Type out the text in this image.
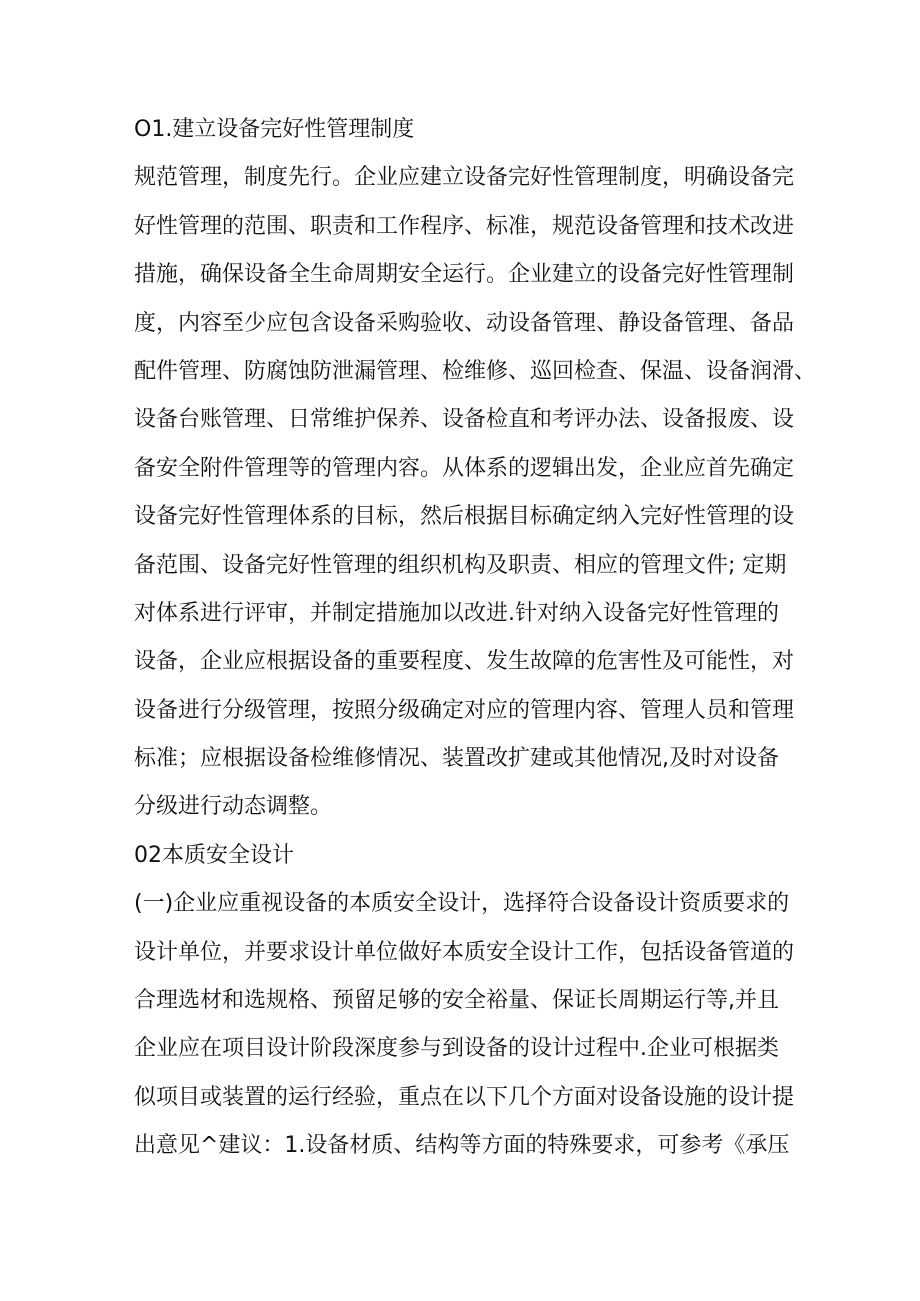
O1.建立设备完好性管理制度
规范管理，制度先行。企业应建立设备完好性管理制度，明确设备完
好性管理的范围、职责和工作程序、标准，规范设备管理和技术改进
措施，确保设备全生命周期安全运行。企业建立的设备完好性管理制
度，内容至少应包含设备采购验收、动设备管理、静设备管理、备品
配件管理、防腐蚀防泄漏管理、检维修、巡回检查、保温、设备润滑、
设备台账管理、日常维护保养、设备检直和考评办法、设备报废、设
备安全附件管理等的管理内容。从体系的逻辑出发，企业应首先确定
设备完好性管理体系的目标，然后根据目标确定纳入完好性管理的设
备范围、设备完好性管理的组织机构及职责、相应的管理文件; 定期
对体系进行评审，并制定措施加以改进.针对纳入设备完好性管理的
设备，企业应根据设备的重要程度、发生故障的危害性及可能性，对
设备进行分级管理，按照分级确定对应的管理内容、管理人员和管理
标准；应根据设备检维修情况、装置改扩建或其他情况,及时对设备
分级进行动态调整。
02本质安全设计
(一)企业应重视设备的本质安全设计，选择符合设备设计资质要求的
设计单位，并要求设计单位做好本质安全设计工作，包括设备管道的
合理选材和选规格、预留足够的安全裕量、保证长周期运行等,并且
企业应在项目设计阶段深度参与到设备的设计过程中.企业可根据类
似项目或装置的运行经验，重点在以下几个方面对设备设施的设计提
出意见^建议：1.设备材质、结构等方面的特殊要求，可参考《承压
